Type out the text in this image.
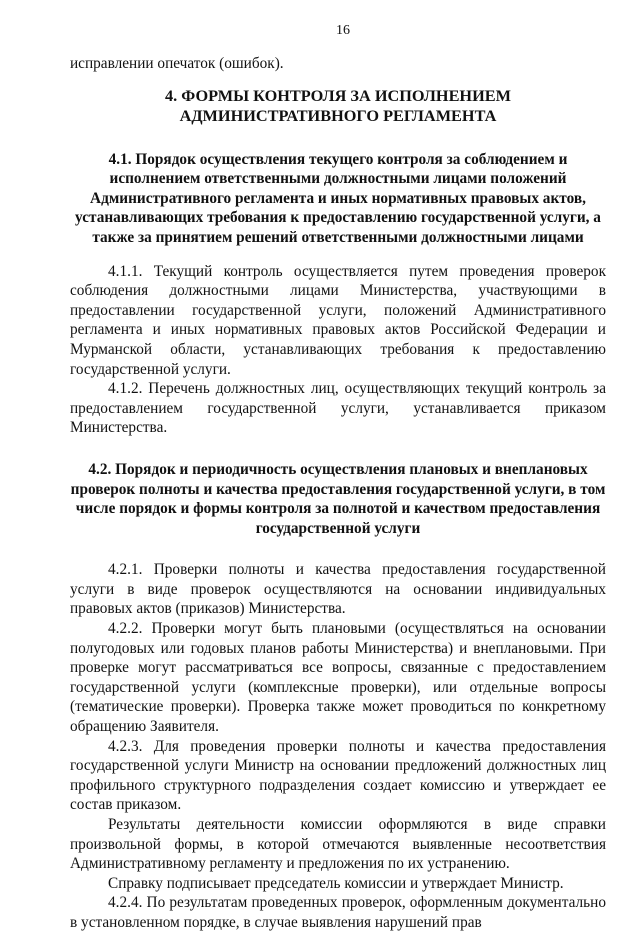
16

исправлении опечаток (ошибок).

4. ФОРМЫ КОНТРОЛЯ ЗА ИСПОЛНЕНИЕМ
АДМИНИСТРАТИВНОГО РЕГЛАМЕНТА
4.1. Порядок осуществления текущего контроля за соблюдением и исполнением ответственными должностными лицами положений Административного регламента и иных нормативных правовых актов, устанавливающих требования к предоставлению государственной услуги, а также за принятием решений ответственными должностными лицами

4.1.1. Текущий контроль осуществляется путем проведения проверок соблюдения должностными лицами Министерства, участвующими в предоставлении государственной услуги, положений Административного регламента и иных нормативных правовых актов Российской Федерации и Мурманской области, устанавливающих требования к предоставлению государственной услуги.

4.1.2. Перечень должностных лиц, осуществляющих текущий контроль за предоставлением государственной услуги, устанавливается приказом Министерства.

4.2. Порядок и периодичность осуществления плановых и внеплановых проверок полноты и качества предоставления государственной услуги, в том числе порядок и формы контроля за полнотой и качеством предоставления государственной услуги

4.2.1. Проверки полноты и качества предоставления государственной услуги в виде проверок осуществляются на основании индивидуальных правовых актов (приказов) Министерства.

4.2.2. Проверки могут быть плановыми (осуществляться на основании полугодовых или годовых планов работы Министерства) и внеплановыми. При проверке могут рассматриваться все вопросы, связанные с предоставлением государственной услуги (комплексные проверки), или отдельные вопросы (тематические проверки). Проверка также может проводиться по конкретному обращению Заявителя.

4.2.3. Для проведения проверки полноты и качества предоставления государственной услуги Министр на основании предложений должностных лиц профильного структурного подразделения создает комиссию и утверждает ее состав приказом.

Результаты деятельности комиссии оформляются в виде справки произвольной формы, в которой отмечаются выявленные несоответствия Административному регламенту и предложения по их устранению.

Справку подписывает председатель комиссии и утверждает Министр.

4.2.4. По результатам проведенных проверок, оформленным документально в установленном порядке, в случае выявления нарушений прав
